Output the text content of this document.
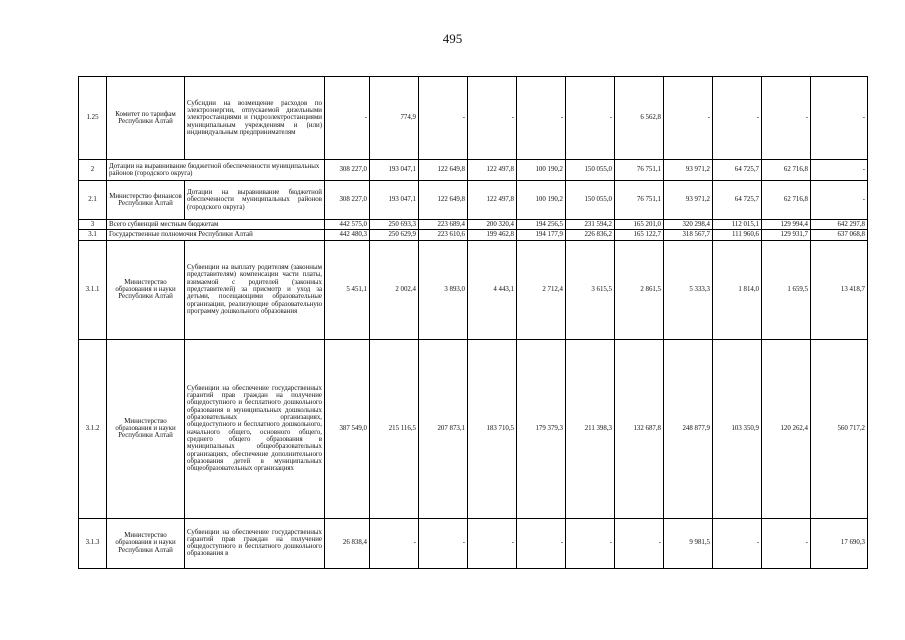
495
1.25	Комитет по тарифам Республики Алтай	Субсидии на возмещение расходов по электроэнергии, отпускаемой дизельными электростанциями и гидроэлектростанциями муниципальным учреждениям и (или) индивидуальным предпринимателям	-	774,9	-	-	-	-	6 562,8	-	-	-	-
2	Дотации на выравнивание бюджетной обеспеченности муниципальных районов (городского округа)		308 227,0	193 047,1	122 649,8	122 497,8	100 190,2	150 055,0	76 751,1	93 971,2	64 725,7	62 716,8	-
2.1	Министерство финансов Республики Алтай	Дотации на выравнивание бюджетной обеспеченности муниципальных районов (городского округа)	308 227,0	193 047,1	122 649,8	122 497,8	100 190,2	150 055,0	76 751,1	93 971,2	64 725,7	62 716,8	-
3	Всего субвенций местным бюджетам		442 575,0	250 693,3	223 689,4	200 320,4	194 256,5	231 594,2	165 201,0	320 298,4	112 015,1	129 994,4	642 297,8
3.1	Государственные полномочия Республики Алтай		442 480,3	250 629,9	223 610,6	199 462,8	194 177,9	226 836,2	165 122,7	318 567,7	111 960,6	129 931,7	637 068,8
3.1.1	Министерство образования и науки Республики Алтай	Субвенции на выплату родителям (законным представителям) компенсации части платы, взимаемой с родителей (законных представителей) за присмотр и уход за детьми, посещающими образовательные организации, реализующие образовательную программу дошкольного образования	5 451,1	2 002,4	3 893,0	4 443,1	2 712,4	3 615,5	2 861,5	5 333,3	1 814,0	1 659,5	13 418,7
3.1.2	Министерство образования и науки Республики Алтай	Субвенции на обеспечение государственных гарантий прав граждан на получение общедоступного и бесплатного дошкольного образования в муниципальных дошкольных образовательных организациях, общедоступного и бесплатного дошкольного, начального общего, основного общего, среднего общего образования в муниципальных общеобразовательных организациях, обеспечение дополнительного образования детей в муниципальных общеобразовательных организациях	387 549,0	215 116,5	207 873,1	183 710,5	179 379,3	211 398,3	132 687,8	248 877,9	103 350,9	120 262,4	560 717,2
3.1.3	Министерство образования и науки Республики Алтай	Субвенции на обеспечение государственных гарантий прав граждан на получение общедоступного и бесплатного дошкольного образования в	26 838,4	-	-	-	-	-	-	9 981,5	-	-	17 690,3
